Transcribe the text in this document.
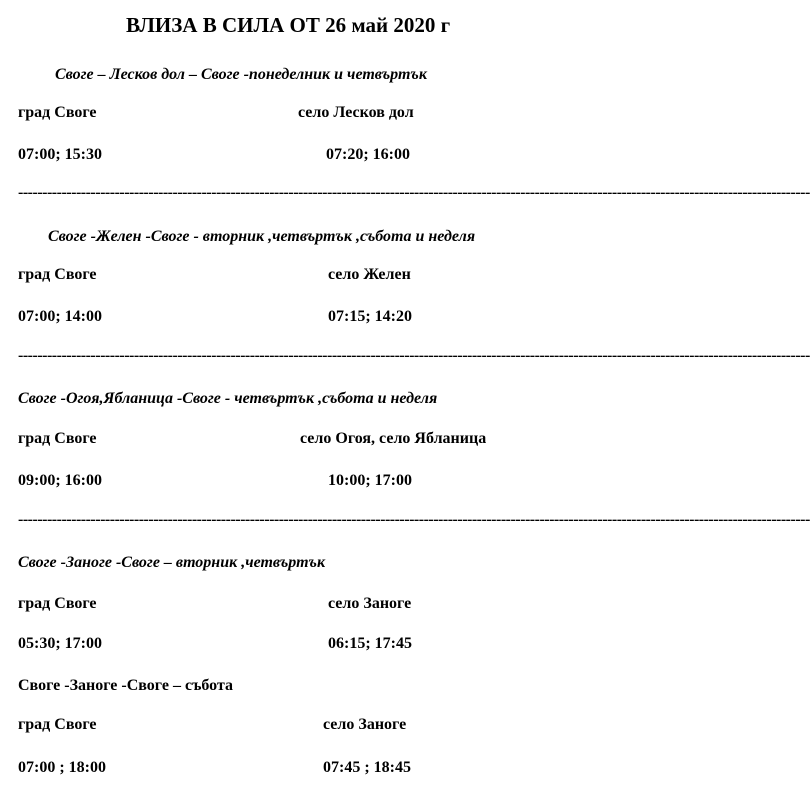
ВЛИЗА В СИЛА ОТ 26 май 2020 г
Своге – Лесков дол – Своге -понеделник и четвъртък
град Своге	село Лесков дол
07:00; 15:30	07:20; 16:00
--------------------------------------------------------------------------------------------------------------------------------------------------------------------
Своге -Желен -Своге - вторник ,четвъртък ,събота и неделя
град Своге	село Желен
07:00; 14:00	07:15; 14:20
--------------------------------------------------------------------------------------------------------------------------------------------------------------------
Своге -Огоя,Ябланица -Своге - четвъртък ,събота и неделя
град Своге	село Огоя, село Ябланица
09:00; 16:00	10:00; 17:00
--------------------------------------------------------------------------------------------------------------------------------------------------------------------
Своге -Заноге -Своге – вторник ,четвъртък
град Своге	село Заноге
05:30; 17:00	06:15; 17:45
Своге -Заноге -Своге – събота
град Своге	село Заноге
07:00 ; 18:00	07:45 ; 18:45
